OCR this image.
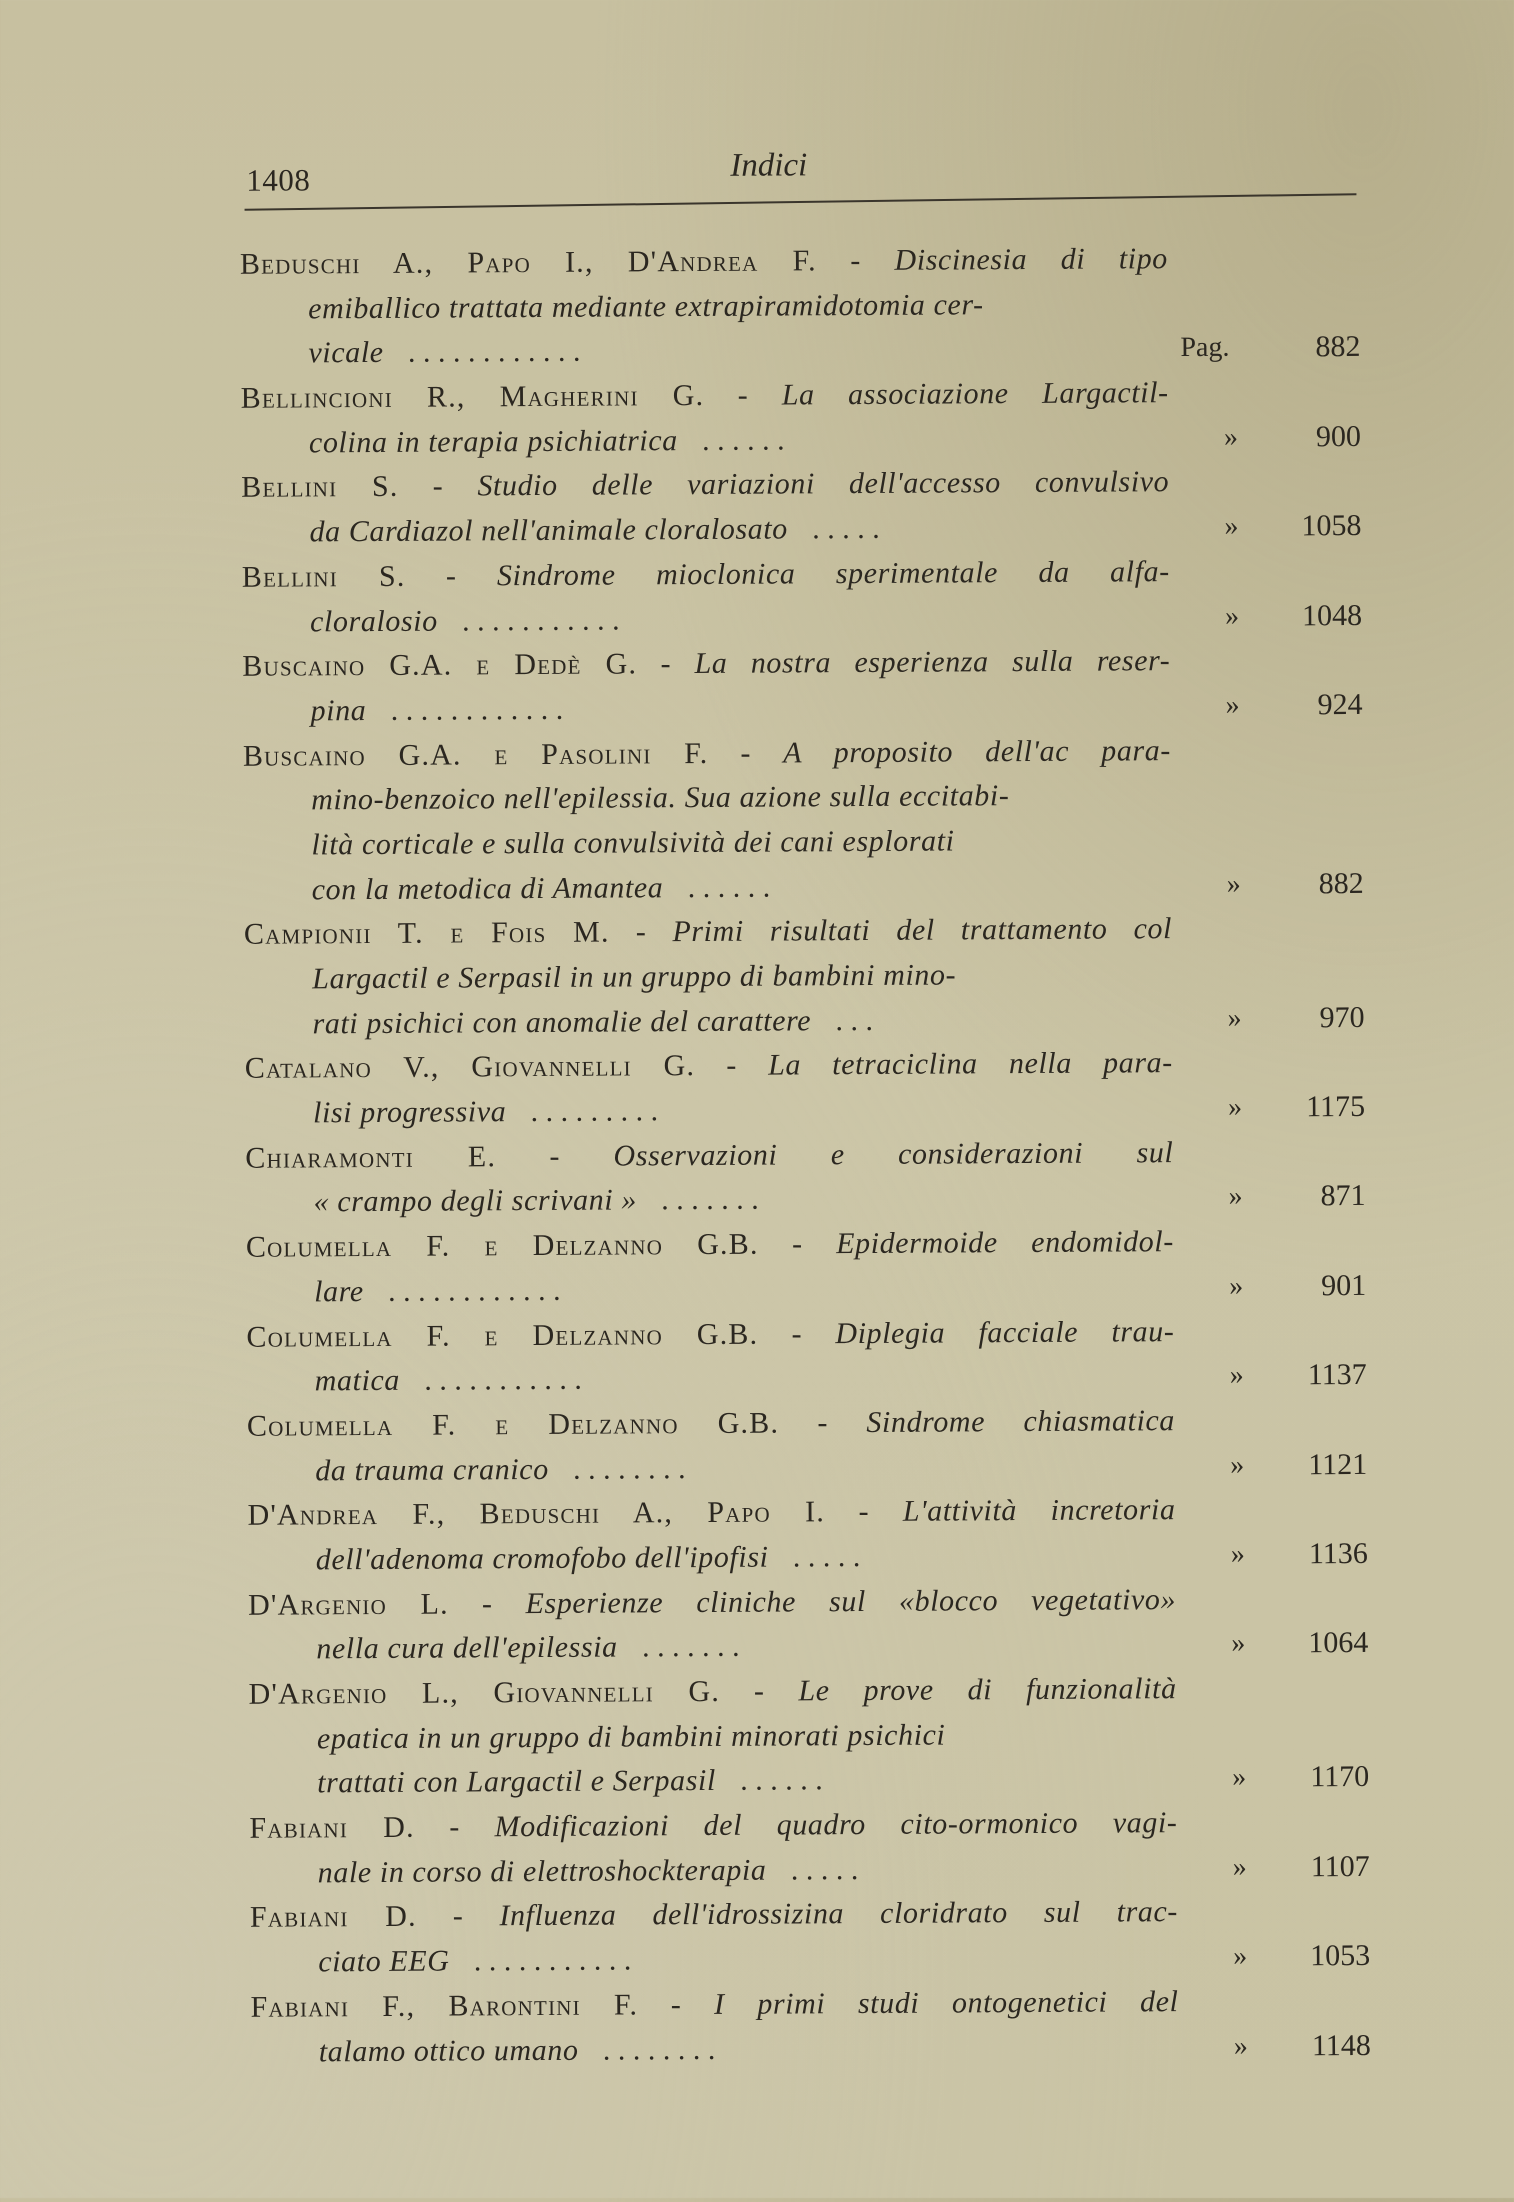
1408	Indici
Beduschi A., Papo I., D'Andrea F. - Discinesia di tipo
emiballico trattata mediante extrapiramidotomia cer-
vicale . . . . . . . . . . . .	Pag.	882
Bellincioni R., Magherini G. - La associazione Largactil-
colina in terapia psichiatrica . . . . . .	»	900
Bellini S. - Studio delle variazioni dell'accesso convulsivo
da Cardiazol nell'animale cloralosato . . . . .	»	1058
Bellini S. - Sindrome mioclonica sperimentale da alfa-
cloralosio . . . . . . . . . . .	»	1048
Buscaino G.A. e Dedè G. - La nostra esperienza sulla reser-
pina . . . . . . . . . . . .	»	924
Buscaino G.A. e Pasolini F. - A proposito dell'ac para-
mino-benzoico nell'epilessia. Sua azione sulla eccitabi-
lità corticale e sulla convulsività dei cani esplorati
con la metodica di Amantea . . . . . .	»	882
Campionii T. e Fois M. - Primi risultati del trattamento col
Largactil e Serpasil in un gruppo di bambini mino-
rati psichici con anomalie del carattere . . .	»	970
Catalano V., Giovannelli G. - La tetraciclina nella para-
lisi progressiva . . . . . . . . .	»	1175
Chiaramonti E. - Osservazioni e considerazioni sul
« crampo degli scrivani » . . . . . . .	»	871
Columella F. e Delzanno G.B. - Epidermoide endomidol-
lare . . . . . . . . . . . .	»	901
Columella F. e Delzanno G.B. - Diplegia facciale trau-
matica . . . . . . . . . . .	»	1137
Columella F. e Delzanno G.B. - Sindrome chiasmatica
da trauma cranico . . . . . . . .	»	1121
D'Andrea F., Beduschi A., Papo I. - L'attività incretoria
dell'adenoma cromofobo dell'ipofisi . . . . .	»	1136
D'Argenio L. - Esperienze cliniche sul «blocco vegetativo»
nella cura dell'epilessia . . . . . . .	»	1064
D'Argenio L., Giovannelli G. - Le prove di funzionalità
epatica in un gruppo di bambini minorati psichici
trattati con Largactil e Serpasil . . . . . .	»	1170
Fabiani D. - Modificazioni del quadro cito-ormonico vagi-
nale in corso di elettroshockterapia . . . . .	»	1107
Fabiani D. - Influenza dell'idrossizina cloridrato sul trac-
ciato EEG . . . . . . . . . . .	»	1053
Fabiani F., Barontini F. - I primi studi ontogenetici del
talamo ottico umano . . . . . . . .	»	1148
